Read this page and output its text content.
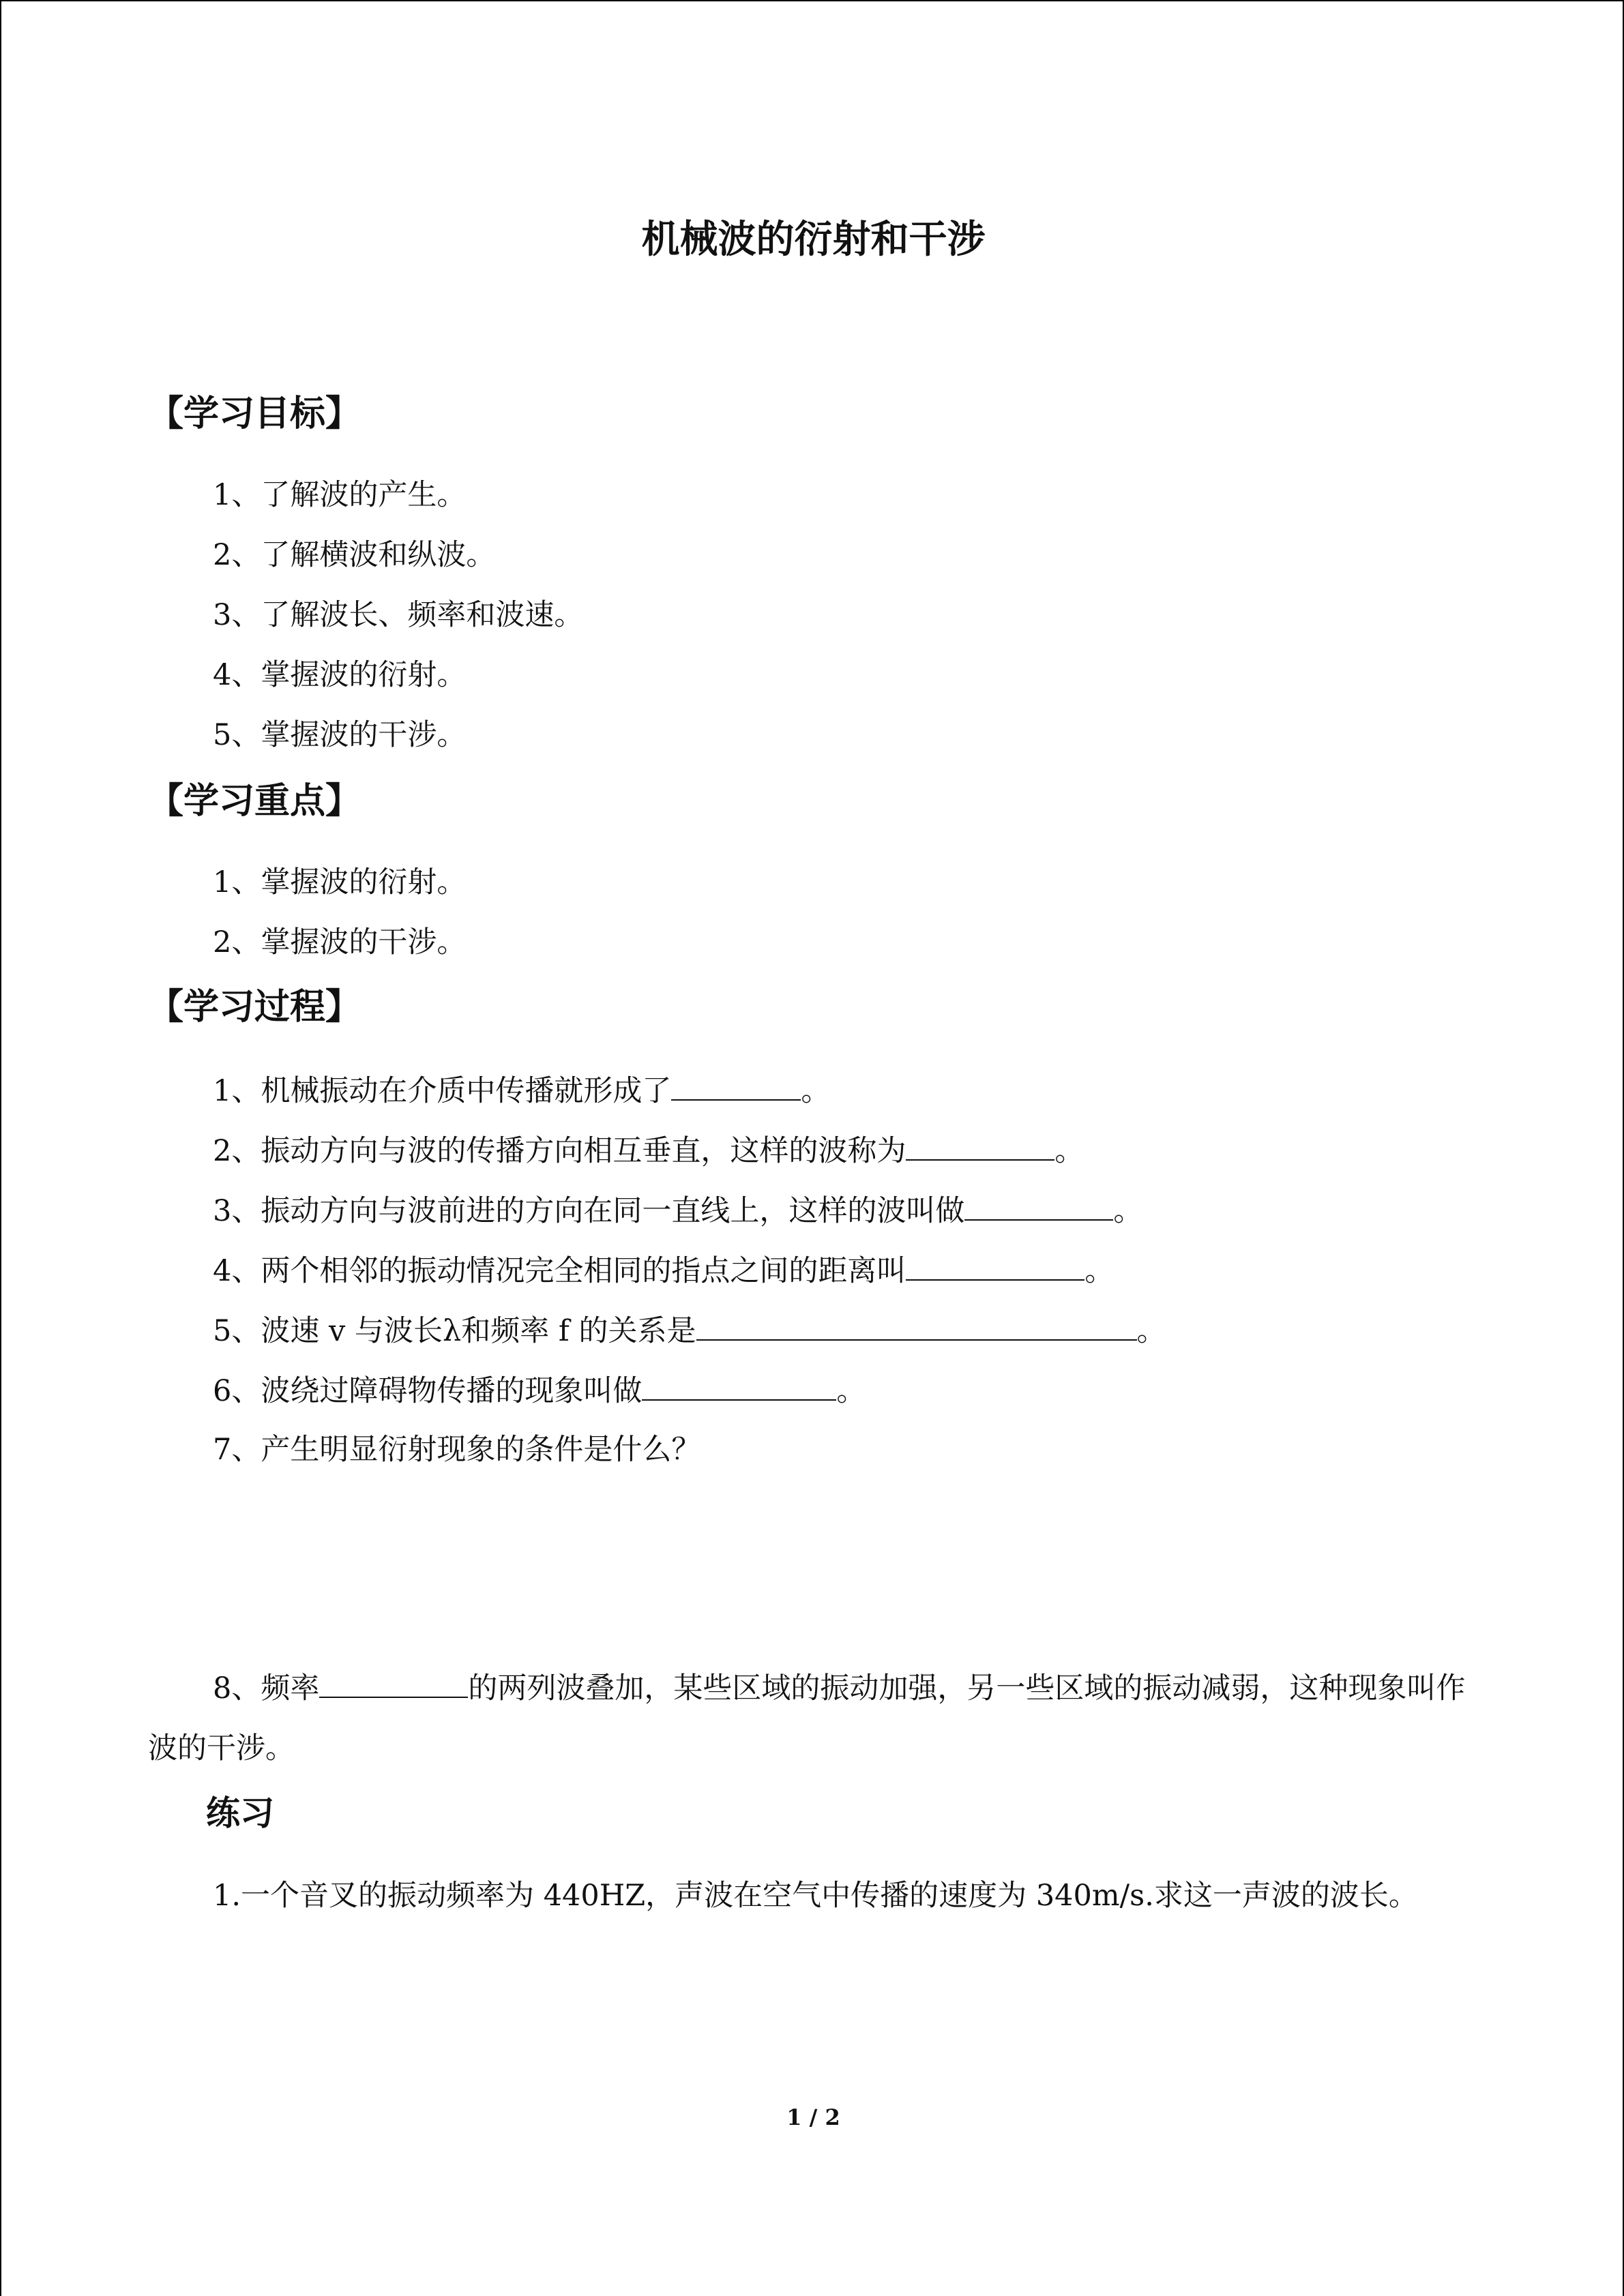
机械波的衍射和干涉
【学习目标】
1、了解波的产生。
2、了解横波和纵波。
3、了解波长、频率和波速。
4、掌握波的衍射。
5、掌握波的干涉。
【学习重点】
1、掌握波的衍射。
2、掌握波的干涉。
【学习过程】
1、机械振动在介质中传播就形成了	。
2、振动方向与波的传播方向相互垂直，这样的波称为	。
3、振动方向与波前进的方向在同一直线上，这样的波叫做	。
4、两个相邻的振动情况完全相同的指点之间的距离叫	。
5、波速 v 与波长λ和频率 f 的关系是	。
6、波绕过障碍物传播的现象叫做	。
7、产生明显衍射现象的条件是什么？
8、频率	的两列波叠加，某些区域的振动加强，另一些区域的振动减弱，这种现象叫作波的干涉。
练习
1.一个音叉的振动频率为 440HZ，声波在空气中传播的速度为 340m/s.求这一声波的波长。
1 / 2
